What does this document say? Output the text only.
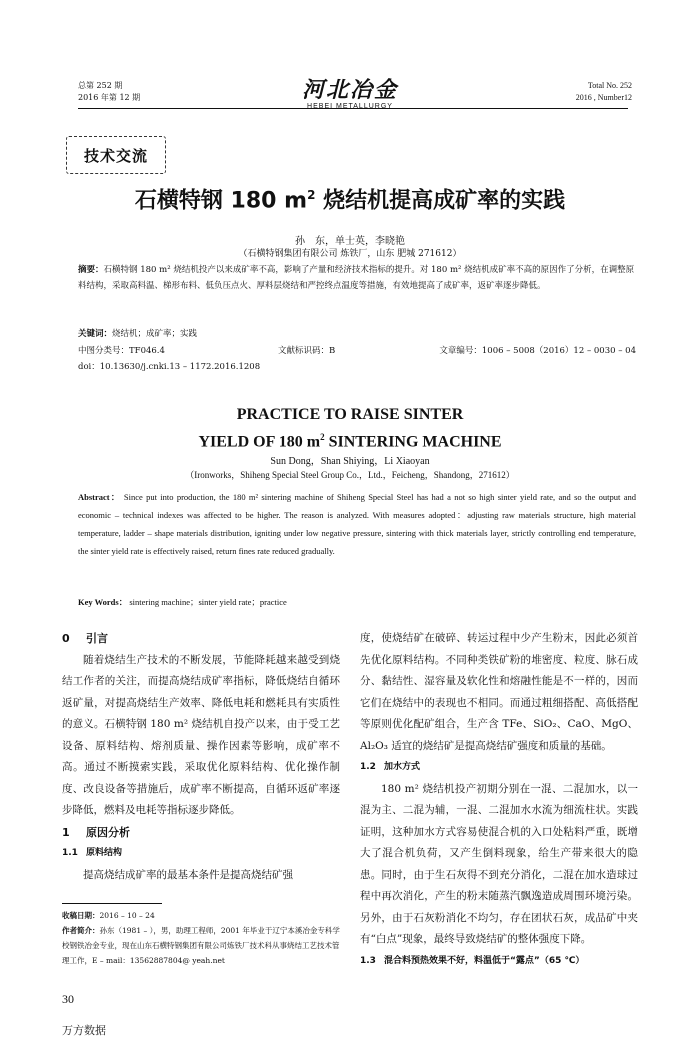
总第 252 期
2016 年第 12 期	河北冶金
HEBEI METALLURGY
Total No. 252
2016 , Number12
技术交流
石横特钢 180 $m^2$ 烧结机提高成矿率的实践
孙　东，单士英，李晓艳
（石横特钢集团有限公司 炼铁厂，山东 肥城 271612）
摘要：石横特钢 180 m² 烧结机投产以来成矿率不高，影响了产量和经济技术指标的提升。对 180 m² 烧结机成矿率不高的原因作了分析，在调整原料结构，采取高料温、梯形布料、低负压点火、厚料层烧结和严控终点温度等措施，有效地提高了成矿率，返矿率逐步降低。
关键词：烧结机；成矿率；实践
中图分类号：TF046.4	文献标识码：B	文章编号：1006 – 5008（2016）12 – 0030 – 04
doi：10.13630/j.cnki.13 – 1172.2016.1208
PRACTICE TO RAISE SINTER
YIELD OF 180 $m^2$ SINTERING MACHINE
Sun Dong，Shan Shiying，Li Xiaoyan
（Ironworks，Shiheng Special Steel Group Co.，Ltd.，Feicheng，Shandong，271612）
Abstract： Since put into production, the 180 m² sintering machine of Shiheng Special Steel has had a not so high sinter yield rate, and so the output and economic – technical indexes was affected to be higher. The reason is analyzed. With measures adopted：adjusting raw materials structure, high material temperature, ladder – shape materials distribution, igniting under low negative pressure, sintering with thick materials layer, strictly controlling end temperature, the sinter yield rate is effectively raised, return fines rate reduced gradually.
Key Words： sintering machine；sinter yield rate；practice
0 引言

随着烧结生产技术的不断发展，节能降耗越来越受到烧结工作者的关注，而提高烧结成矿率指标，降低烧结自循环返矿量，对提高烧结生产效率、降低电耗和燃耗具有实质性的意义。石横特钢 180 m² 烧结机自投产以来，由于受工艺设备、原料结构、熔剂质量、操作因素等影响，成矿率不高。通过不断摸索实践，采取优化原料结构、优化操作制度、改良设备等措施后，成矿率不断提高，自循环返矿率逐步降低，燃料及电耗等指标逐步降低。

1 原因分析
1.1 原料结构

提高烧结成矿率的最基本条件是提高烧结矿强

收稿日期：2016 – 10 – 24
作者简介：孙东（1981 – ），男，助理工程师，2001 年毕业于辽宁本溪冶金专科学校钢铁冶金专业，现在山东石横特钢集团有限公司炼铁厂技术科从事烧结工艺技术管理工作，E – mail：13562887804@ yeah.net

度，使烧结矿在破碎、转运过程中少产生粉末，因此必须首先优化原料结构。不同种类铁矿粉的堆密度、粒度、脉石成分、黏结性、湿容量及软化性和熔融性能是不一样的，因而它们在烧结中的表现也不相同。而通过粗细搭配、高低搭配等原则优化配矿组合，生产含 TFe、SiO₂、CaO、MgO、Al₂O₃ 适宜的烧结矿是提高烧结矿强度和质量的基础。

1.2 加水方式

180 m² 烧结机投产初期分别在一混、二混加水，以一混为主、二混为辅，一混、二混加水水流为细流柱状。实践证明，这种加水方式容易使混合机的入口处粘料严重，既增大了混合机负荷，又产生倒料现象，给生产带来很大的隐患。同时，由于生石灰得不到充分消化，二混在加水造球过程中再次消化，产生的粉末随蒸汽飘逸造成周围环境污染。另外，由于石灰粉消化不均匀，存在团状石灰，成品矿中夹有“白点”现象，最终导致烧结矿的整体强度下降。

1.3 混合料预热效果不好，料温低于“露点”（65 ℃）
30
万方数据
